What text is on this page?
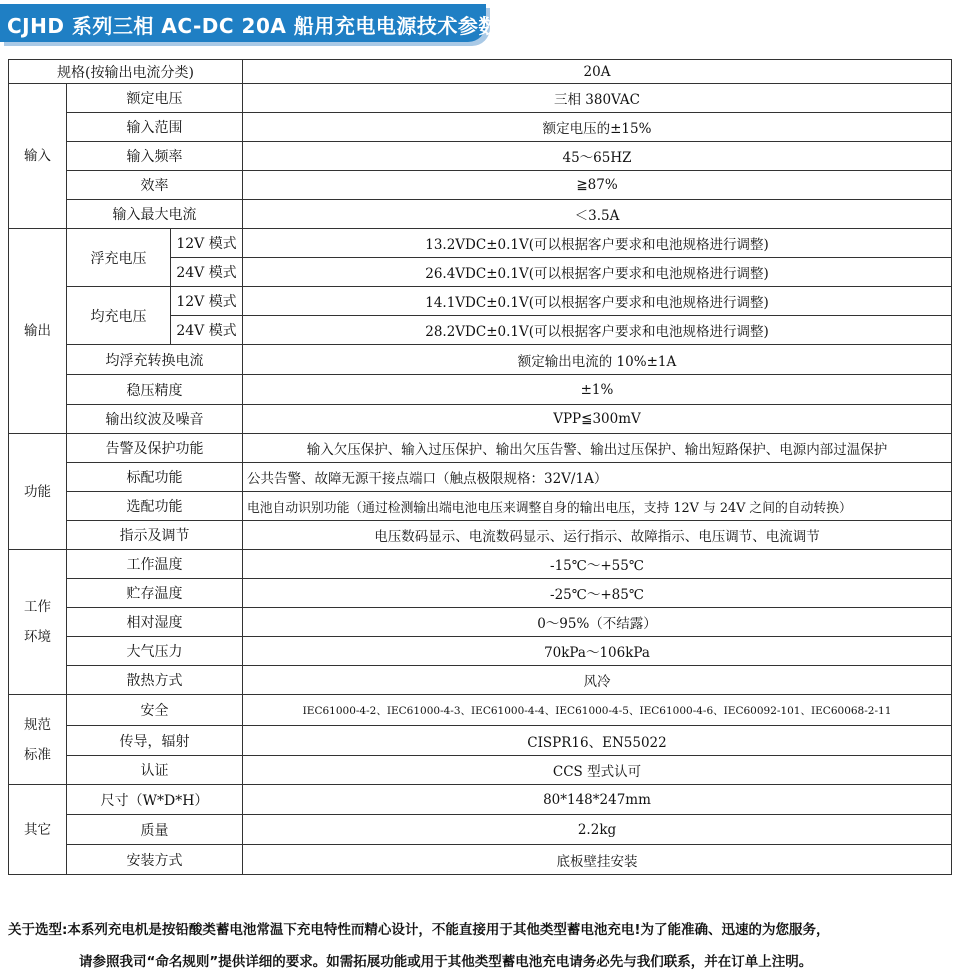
CJHD 系列三相 AC-DC 20A 船用充电电源技术参数
规格(按输出电流分类)			20A
输入	额定电压		三相 380VAC
	输入范围		额定电压的±15%
	输入频率		45～65HZ
	效率		≧87%
	输入最大电流		＜3.5A
输出	浮充电压	12V 模式	13.2VDC±0.1V(可以根据客户要求和电池规格进行调整)
		24V 模式	26.4VDC±0.1V(可以根据客户要求和电池规格进行调整)
	均充电压	12V 模式	14.1VDC±0.1V(可以根据客户要求和电池规格进行调整)
		24V 模式	28.2VDC±0.1V(可以根据客户要求和电池规格进行调整)
	均浮充转换电流		额定输出电流的 10%±1A
	稳压精度		±1%
	输出纹波及噪音		VPP≦300mV
功能	告警及保护功能		输入欠压保护、输入过压保护、输出欠压告警、输出过压保护、输出短路保护、电源内部过温保护
	标配功能		公共告警、故障无源干接点端口（触点极限规格：32V/1A）
	选配功能		电池自动识别功能（通过检测输出端电池电压来调整自身的输出电压，支持 12V 与 24V 之间的自动转换）
	指示及调节		电压数码显示、电流数码显示、运行指示、故障指示、电压调节、电流调节
工作
环境	工作温度		-15℃～+55℃
	贮存温度		-25℃～+85℃
	相对湿度		0～95%（不结露）
	大气压力		70kPa～106kPa
	散热方式		风冷
规范
标准	安全		IEC61000-4-2、IEC61000-4-3、IEC61000-4-4、IEC61000-4-5、IEC61000-4-6、IEC60092-101、IEC60068-2-11
	传导，辐射		CISPR16、EN55022
	认证		CCS 型式认可
其它	尺寸（W*D*H）		80*148*247mm
	质量		2.2kg
	安装方式		底板壁挂安装
关于选型:本系列充电机是按铅酸类蓄电池常温下充电特性而精心设计，不能直接用于其他类型蓄电池充电!为了能准确、迅速的为您服务，
请参照我司“命名规则”提供详细的要求。如需拓展功能或用于其他类型蓄电池充电请务必先与我们联系，并在订单上注明。
